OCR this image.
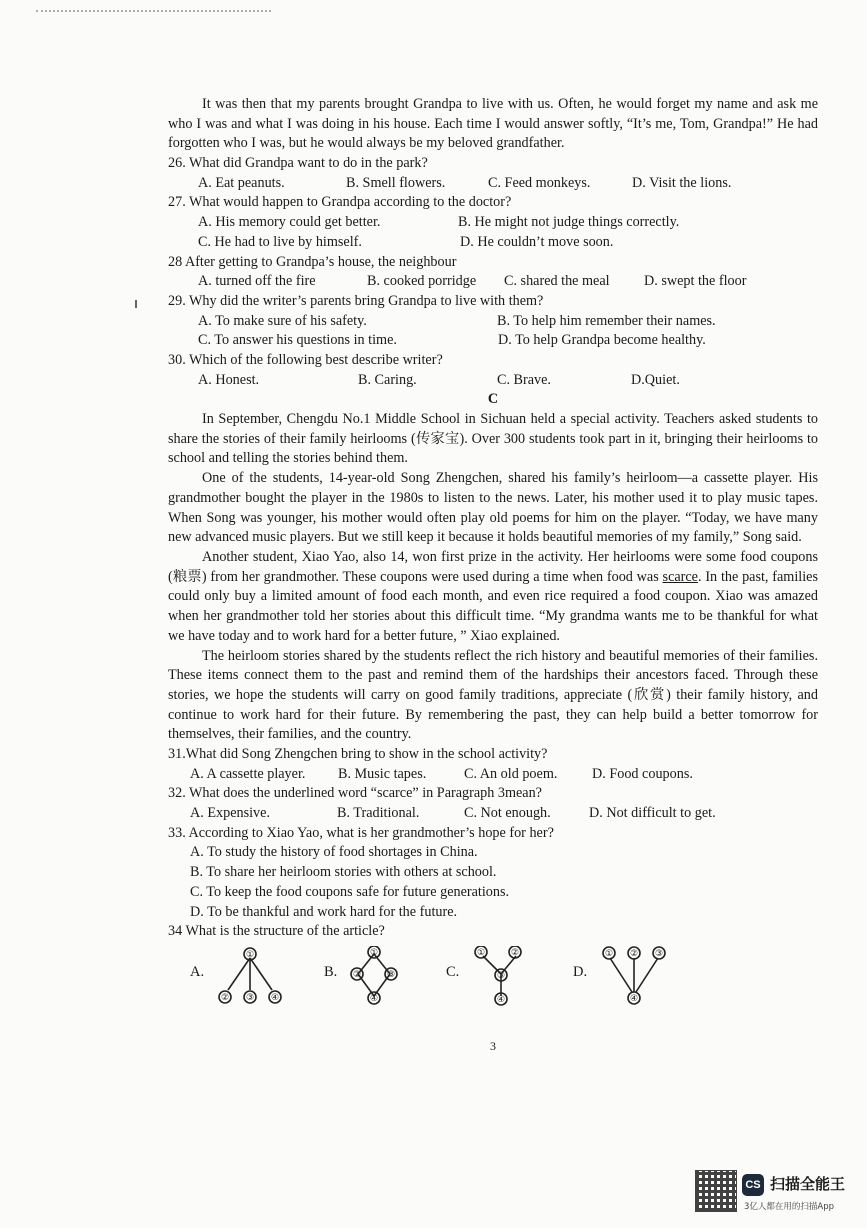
It was then that my parents brought Grandpa to live with us. Often, he would forget my name and ask me who I was and what I was doing in his house. Each time I would answer softly, “It’s me, Tom, Grandpa!” He had forgotten who I was, but he would always be my beloved grandfather.

26. What did Grandpa want to do in the park?
A. Eat peanuts.	B. Smell flowers.	C. Feed monkeys.	D. Visit the lions.
27. What would happen to Grandpa according to the doctor?
A. His memory could get better.	B. He might not judge things correctly.
C. He had to live by himself.	D. He couldn’t move soon.
28 After getting to Grandpa’s house, the neighbour
A. turned off the fire	B. cooked porridge C. shared the meal D. swept the floor
29. Why did the writer’s parents bring Grandpa to live with them?
A. To make sure of his safety.	B. To help him remember their names.
C. To answer his questions in time.	D. To help Grandpa become healthy.
30. Which of the following best describe writer?
A. Honest.	B. Caring.	C. Brave.	D.Quiet.
C

In September, Chengdu No.1 Middle School in Sichuan held a special activity. Teachers asked students to share the stories of their family heirlooms (传家宝). Over 300 students took part in it, bringing their heirlooms to school and telling the stories behind them.

One of the students, 14-year-old Song Zhengchen, shared his family’s heirloom—a cassette player. His grandmother bought the player in the 1980s to listen to the news. Later, his mother used it to play music tapes. When Song was younger, his mother would often play old poems for him on the player. “Today, we have many new advanced music players. But we still keep it because it holds beautiful memories of my family,” Song said.

Another student, Xiao Yao, also 14, won first prize in the activity. Her heirlooms were some food coupons (粮票) from her grandmother. These coupons were used during a time when food was scarce. In the past, families could only buy a limited amount of food each month, and even rice required a food coupon. Xiao was amazed when her grandmother told her stories about this difficult time. “My grandma wants me to be thankful for what we have today and to work hard for a better future, ” Xiao explained.

The heirloom stories shared by the students reflect the rich history and beautiful memories of their families. These items connect them to the past and remind them of the hardships their ancestors faced. Through these stories, we hope the students will carry on good family traditions, appreciate (欣赏) their family history, and continue to work hard for their future. By remembering the past, they can help build a better tomorrow for themselves, their families, and the country.

31.What did Song Zhengchen bring to show in the school activity?
A. A cassette player. B. Music tapes.	C. An old poem. D. Food coupons.
32. What does the underlined word “scarce” in Paragraph 3mean?
A. Expensive.	B. Traditional.	C. Not enough.	D. Not difficult to get.
33. According to Xiao Yao, what is her grandmother’s hope for her?
A. To study the history of food shortages in China.
B. To share her heirloom stories with others at school.
C. To keep the food coupons safe for future generations.
D. To be thankful and work hard for the future.
34 What is the structure of the article?
A.
①
② ③ ④
B.
①
②	③
④
C.
①	②
③
④
D.
① ② ③
④
3
CS 扫描全能王
3亿人都在用的扫描App
